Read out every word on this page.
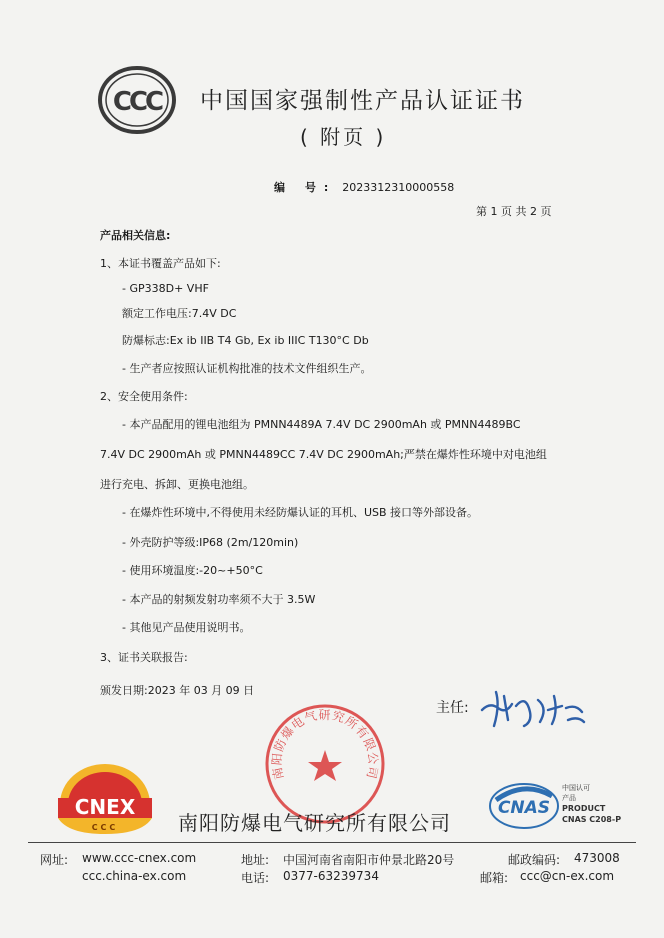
CCC 中国国家强制性产品认证证书
( 附页 )
编 号: 2023312310000558
第 1 页 共 2 页
产品相关信息:
1、本证书覆盖产品如下:
- GP338D+ VHF
额定工作电压:7.4V DC
防爆标志:Ex ib IIB T4 Gb, Ex ib IIIC T130°C Db
- 生产者应按照认证机构批准的技术文件组织生产。
2、安全使用条件:
- 本产品配用的锂电池组为 PMNN4489A 7.4V DC 2900mAh 或 PMNN4489BC
7.4V DC 2900mAh 或 PMNN4489CC 7.4V DC 2900mAh;严禁在爆炸性环境中对电池组
进行充电、拆卸、更换电池组。
- 在爆炸性环境中,不得使用未经防爆认证的耳机、USB 接口等外部设备。
- 外壳防护等级:IP68 (2m/120min)
- 使用环境温度:-20~+50°C
- 本产品的射频发射功率须不大于 3.5W
- 其他见产品使用说明书。
3、证书关联报告:
颁发日期:2023 年 03 月 09 日
主任:
南阳防爆电气研究所有限公司
CNEX
CCC	南阳防爆电气研究所有限公司
CNAS
中国认可
产品
PRODUCT
CNAS C208-P
网址: www.ccc-cnex.com
ccc.china-ex.com
地址: 中国河南省南阳市仲景北路20号
电话: 0377-63239734
邮政编码: 473008
邮箱: ccc@cn-ex.com
